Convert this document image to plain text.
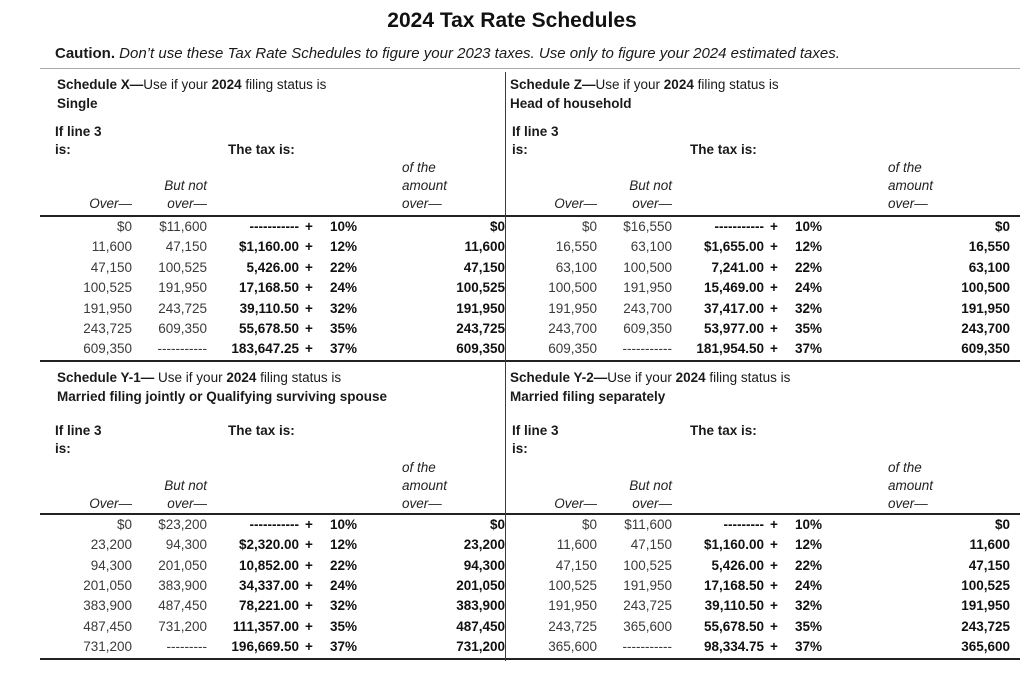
2024 Tax Rate Schedules
Caution. Don’t use these Tax Rate Schedules to figure your 2023 taxes. Use only to figure your 2024 estimated taxes.
Schedule X—Use if your 2024 filing status is
Single
If line 3
is:	The tax is:
Over—
But not
over—
of the
amount
over—
$0	$11,600	-----------	+	10%	$0
11,600	47,150	$1,160.00	+	12%	11,600
47,150	100,525	5,426.00	+	22%	47,150
100,525	191,950	17,168.50	+	24%	100,525
191,950	243,725	39,110.50	+	32%	191,950
243,725	609,350	55,678.50	+	35%	243,725
609,350	-----------	183,647.25	+	37%	609,350
Schedule Z—Use if your 2024 filing status is
Head of household
If line 3
is:	The tax is:
Over—
But not
over—
of the
amount
over—
$0	$16,550	-----------	+	10%	$0
16,550	63,100	$1,655.00	+	12%	16,550
63,100	100,500	7,241.00	+	22%	63,100
100,500	191,950	15,469.00	+	24%	100,500
191,950	243,700	37,417.00	+	32%	191,950
243,700	609,350	53,977.00	+	35%	243,700
609,350	-----------	181,954.50	+	37%	609,350
Schedule Y-1— Use if your 2024 filing status is
Married filing jointly or Qualifying surviving spouse
If line 3
is:
The tax is:
Over—
But not
over—
of the
amount
over—
$0	$23,200	-----------	+	10%	$0
23,200	94,300	$2,320.00	+	12%	23,200
94,300	201,050	10,852.00	+	22%	94,300
201,050	383,900	34,337.00	+	24%	201,050
383,900	487,450	78,221.00	+	32%	383,900
487,450	731,200	111,357.00	+	35%	487,450
731,200	---------	196,669.50	+	37%	731,200
Schedule Y-2—Use if your 2024 filing status is
Married filing separately
If line 3
is:
The tax is:
Over—
But not
over—
of the
amount
over—
$0	$11,600	---------	+	10%	$0
11,600	47,150	$1,160.00	+	12%	11,600
47,150	100,525	5,426.00	+	22%	47,150
100,525	191,950	17,168.50	+	24%	100,525
191,950	243,725	39,110.50	+	32%	191,950
243,725	365,600	55,678.50	+	35%	243,725
365,600	-----------	98,334.75	+	37%	365,600
